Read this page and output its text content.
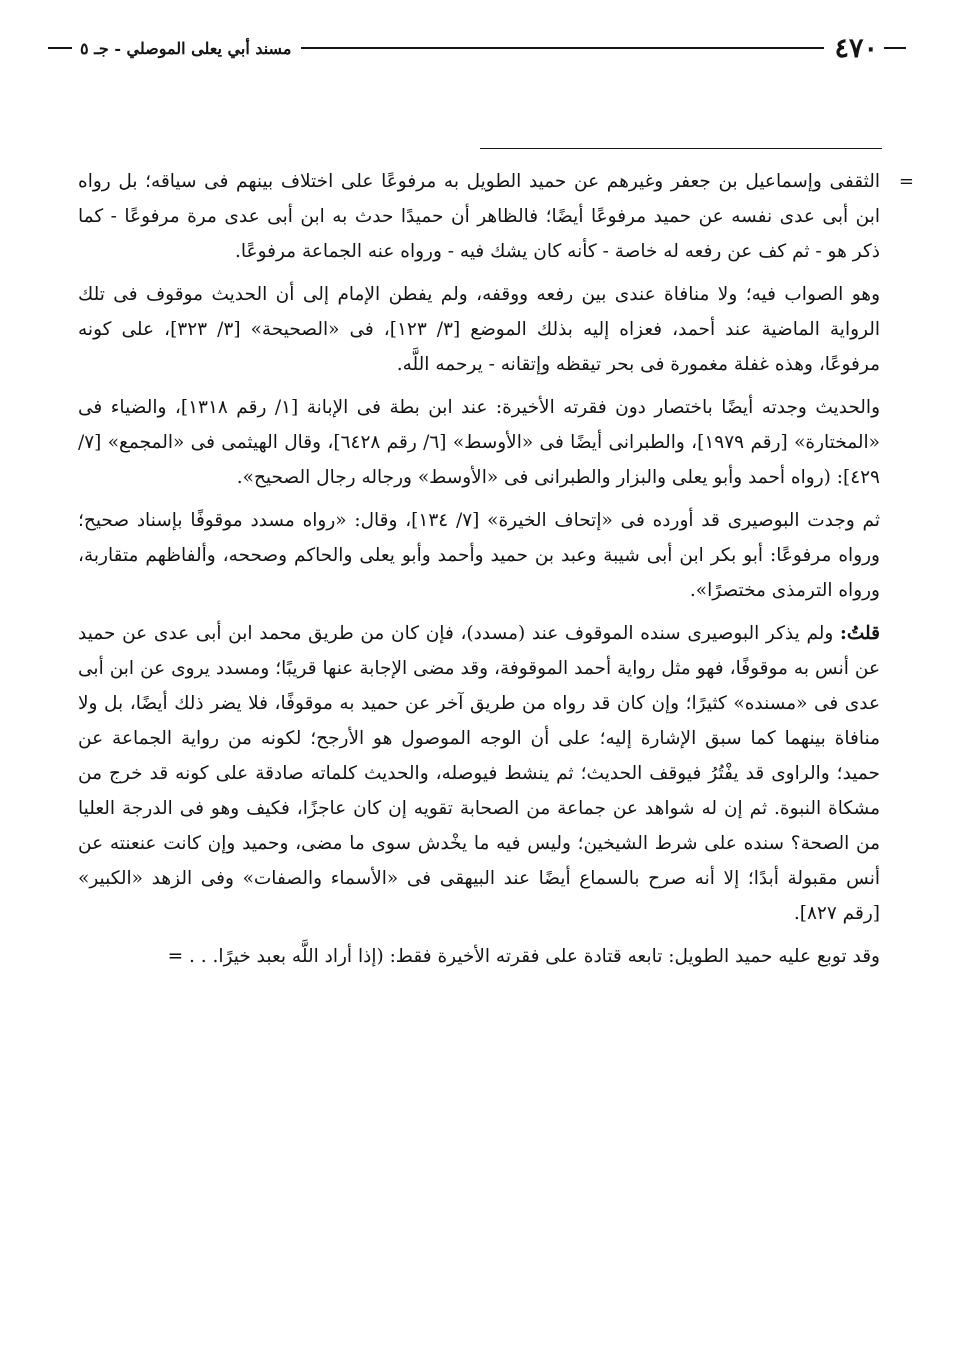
٤٧٠
مسند أبي يعلى الموصلي - جـ ٥

=
الثقفى وإسماعيل بن جعفر وغيرهم عن حميد الطويل به مرفوعًا على اختلاف بينهم فى سياقه؛ بل رواه ابن أبى عدى نفسه عن حميد مرفوعًا أيضًا؛ فالظاهر أن حميدًا حدث به ابن أبى عدى مرة مرفوعًا - كما ذكر هو - ثم كف عن رفعه له خاصة - كأنه كان يشك فيه - ورواه عنه الجماعة مرفوعًا.

وهو الصواب فيه؛ ولا منافاة عندى بين رفعه ووقفه، ولم يفطن الإمام إلى أن الحديث موقوف فى تلك الرواية الماضية عند أحمد، فعزاه إليه بذلك الموضع [٣/ ١٢٣]، فى «الصحيحة» [٣/ ٣٢٣]، على كونه مرفوعًا، وهذه غفلة مغمورة فى بحر تيقظه وإتقانه - يرحمه اللَّه.

والحديث وجدته أيضًا باختصار دون فقرته الأخيرة: عند ابن بطة فى الإبانة [١/ رقم ١٣١٨]، والضياء فى «المختارة» [رقم ١٩٧٩]، والطبرانى أيضًا فى «الأوسط» [٦/ رقم ٦٤٢٨]، وقال الهيثمى فى «المجمع» [٧/ ٤٢٩]: (رواه أحمد وأبو يعلى والبزار والطبرانى فى «الأوسط» ورجاله رجال الصحيح».

ثم وجدت البوصيرى قد أورده فى «إتحاف الخيرة» [٧/ ١٣٤]، وقال: «رواه مسدد موقوفًا بإسناد صحيح؛ ورواه مرفوعًا: أبو بكر ابن أبى شيبة وعبد بن حميد وأحمد وأبو يعلى والحاكم وصححه، وألفاظهم متقاربة، ورواه الترمذى مختصرًا».

قلتُ: ولم يذكر البوصيرى سنده الموقوف عند (مسدد)، فإن كان من طريق محمد ابن أبى عدى عن حميد عن أنس به موقوفًا، فهو مثل رواية أحمد الموقوفة، وقد مضى الإجابة عنها قريبًا؛ ومسدد يروى عن ابن أبى عدى فى «مسنده» كثيرًا؛ وإن كان قد رواه من طريق آخر عن حميد به موقوفًا، فلا يضر ذلك أيضًا، بل ولا منافاة بينهما كما سبق الإشارة إليه؛ على أن الوجه الموصول هو الأرجح؛ لكونه من رواية الجماعة عن حميد؛ والراوى قد يفْتُرُ فيوقف الحديث؛ ثم ينشط فيوصله، والحديث كلماته صادقة على كونه قد خرج من مشكاة النبوة. ثم إن له شواهد عن جماعة من الصحابة تقويه إن كان عاجزًا، فكيف وهو فى الدرجة العليا من الصحة؟ سنده على شرط الشيخين؛ وليس فيه ما يخْدش سوى ما مضى، وحميد وإن كانت عنعنته عن أنس مقبولة أبدًا؛ إلا أنه صرح بالسماع أيضًا عند البيهقى فى «الأسماء والصفات» وفى الزهد «الكبير» [رقم ٨٢٧].

وقد توبع عليه حميد الطويل: تابعه قتادة على فقرته الأخيرة فقط: (إذا أراد اللَّه بعبد خيرًا. . . =
